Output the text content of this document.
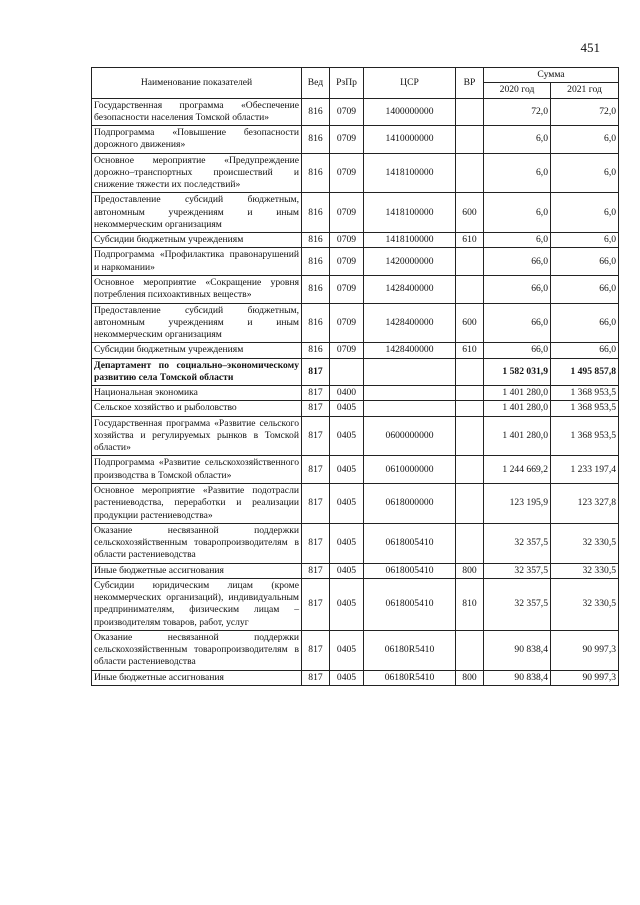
451
Наименование показателей	Вед	РзПр	ЦСР	ВР	Сумма	
					2020 год	2021 год
Государственная программа «Обеспечение безопасности населения Томской области»	816	0709	1400000000		72,0	72,0
Подпрограмма «Повышение безопасности дорожного движения»	816	0709	1410000000		6,0	6,0
Основное мероприятие «Предупреждение дорожно–транспортных происшествий и снижение тяжести их последствий»	816	0709	1418100000		6,0	6,0
Предоставление субсидий бюджетным, автономным учреждениям и иным некоммерческим организациям	816	0709	1418100000	600	6,0	6,0
Субсидии бюджетным учреждениям	816	0709	1418100000	610	6,0	6,0
Подпрограмма «Профилактика правонарушений и наркомании»	816	0709	1420000000		66,0	66,0
Основное мероприятие «Сокращение уровня потребления психоактивных веществ»	816	0709	1428400000		66,0	66,0
Предоставление субсидий бюджетным, автономным учреждениям и иным некоммерческим организациям	816	0709	1428400000	600	66,0	66,0
Субсидии бюджетным учреждениям	816	0709	1428400000	610	66,0	66,0
Департамент по социально–экономическому развитию села Томской области	817				1 582 031,9	1 495 857,8
Национальная экономика	817	0400			1 401 280,0	1 368 953,5
Сельское хозяйство и рыболовство	817	0405			1 401 280,0	1 368 953,5
Государственная программа «Развитие сельского хозяйства и регулируемых рынков в Томской области»	817	0405	0600000000		1 401 280,0	1 368 953,5
Подпрограмма «Развитие сельскохозяйственного производства в Томской области»	817	0405	0610000000		1 244 669,2	1 233 197,4
Основное мероприятие «Развитие подотрасли растениеводства, переработки и реализации продукции растениеводства»	817	0405	0618000000		123 195,9	123 327,8
Оказание несвязанной поддержки сельскохозяйственным товаропроизводителям в области растениеводства	817	0405	0618005410		32 357,5	32 330,5
Иные бюджетные ассигнования	817	0405	0618005410	800	32 357,5	32 330,5
Субсидии юридическим лицам (кроме некоммерческих организаций), индивидуальным предпринимателям, физическим лицам – производителям товаров, работ, услуг	817	0405	0618005410	810	32 357,5	32 330,5
Оказание несвязанной поддержки сельскохозяйственным товаропроизводителям в области растениеводства	817	0405	06180R5410		90 838,4	90 997,3
Иные бюджетные ассигнования	817	0405	06180R5410	800	90 838,4	90 997,3
